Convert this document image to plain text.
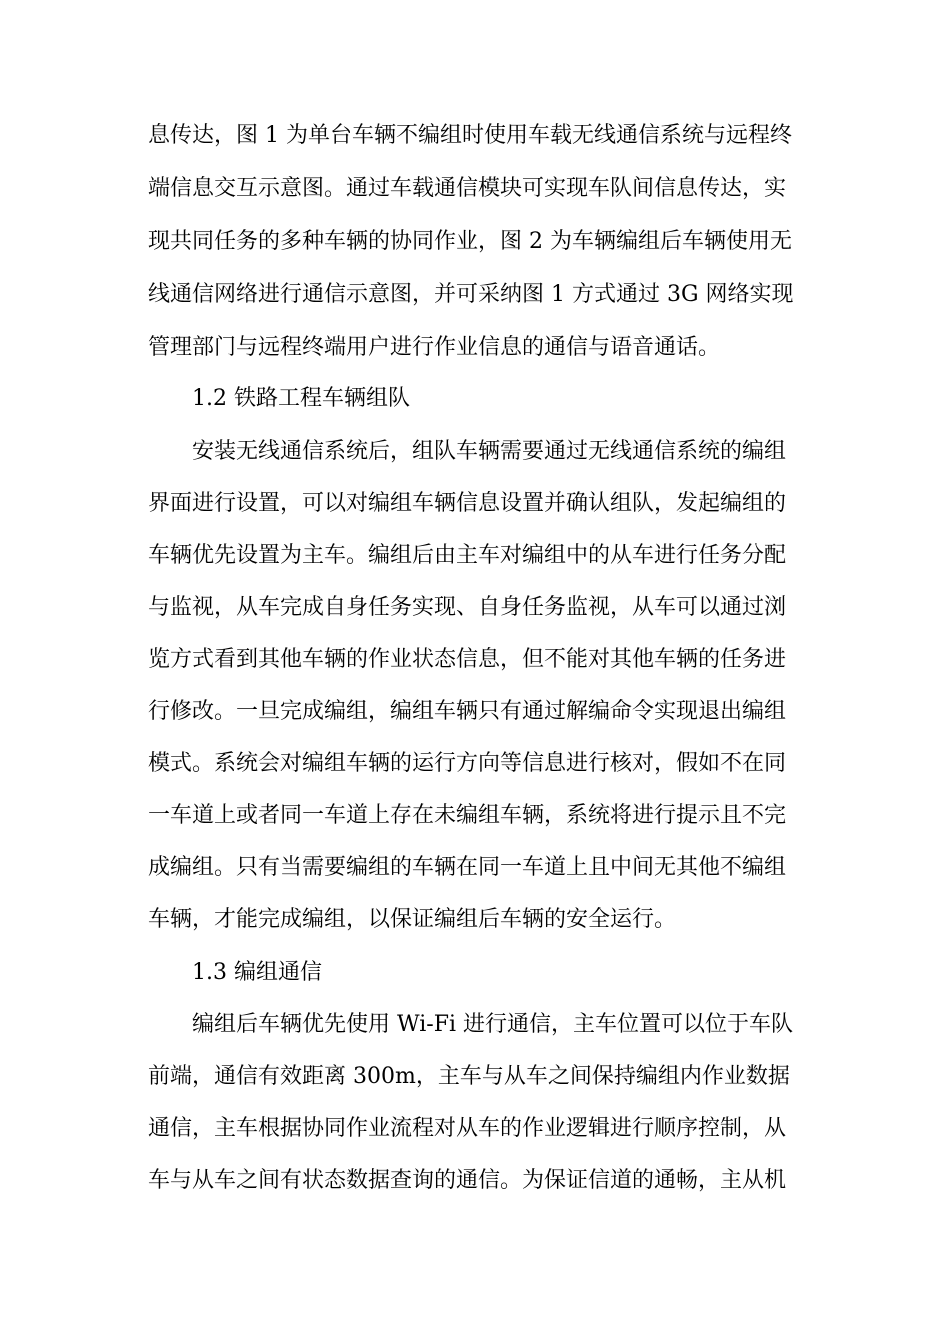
息传达，图 1 为单台车辆不编组时使用车载无线通信系统与远程终
端信息交互示意图。通过车载通信模块可实现车队间信息传达，实
现共同任务的多种车辆的协同作业，图 2 为车辆编组后车辆使用无
线通信网络进行通信示意图，并可采纳图 1 方式通过 3G 网络实现
管理部门与远程终端用户进行作业信息的通信与语音通话。
1.2 铁路工程车辆组队
安装无线通信系统后，组队车辆需要通过无线通信系统的编组
界面进行设置，可以对编组车辆信息设置并确认组队，发起编组的
车辆优先设置为主车。编组后由主车对编组中的从车进行任务分配
与监视，从车完成自身任务实现、自身任务监视，从车可以通过浏
览方式看到其他车辆的作业状态信息，但不能对其他车辆的任务进
行修改。一旦完成编组，编组车辆只有通过解编命令实现退出编组
模式。系统会对编组车辆的运行方向等信息进行核对，假如不在同
一车道上或者同一车道上存在未编组车辆，系统将进行提示且不完
成编组。只有当需要编组的车辆在同一车道上且中间无其他不编组
车辆，才能完成编组，以保证编组后车辆的安全运行。
1.3 编组通信
编组后车辆优先使用 Wi-Fi 进行通信，主车位置可以位于车队
前端，通信有效距离 300m，主车与从车之间保持编组内作业数据
通信，主车根据协同作业流程对从车的作业逻辑进行顺序控制，从
车与从车之间有状态数据查询的通信。为保证信道的通畅，主从机
